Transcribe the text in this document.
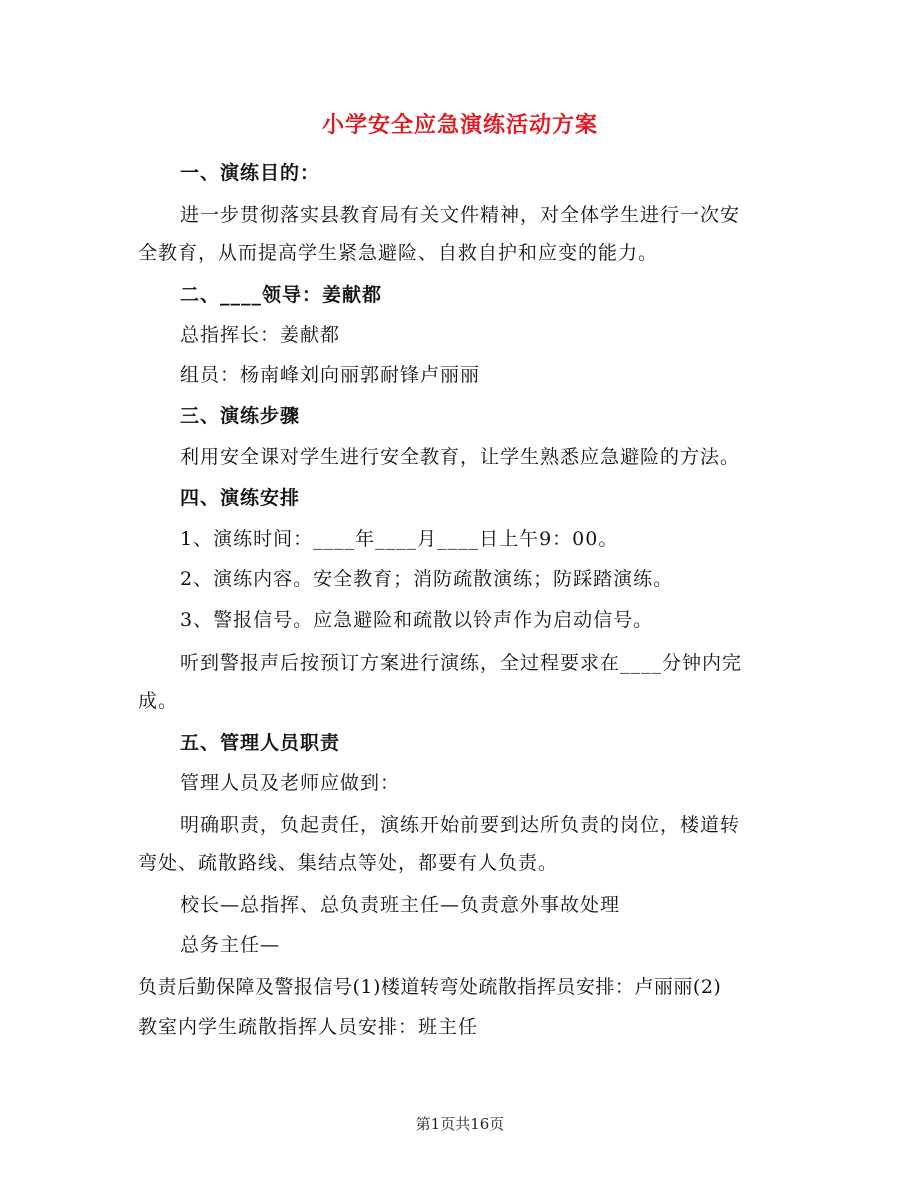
小学安全应急演练活动方案
一、演练目的：
进一步贯彻落实县教育局有关文件精神，对全体学生进行一次安
全教育，从而提高学生紧急避险、自救自护和应变的能力。
二、____领导：姜献都
总指挥长：姜献都
组员：杨南峰刘向丽郭耐锋卢丽丽
三、演练步骤
利用安全课对学生进行安全教育，让学生熟悉应急避险的方法。
四、演练安排
1、演练时间：____年____月____日上午9：00。
2、演练内容。安全教育；消防疏散演练；防踩踏演练。
3、警报信号。应急避险和疏散以铃声作为启动信号。
听到警报声后按预订方案进行演练，全过程要求在____分钟内完
成。
五、管理人员职责
管理人员及老师应做到：
明确职责，负起责任，演练开始前要到达所负责的岗位，楼道转
弯处、疏散路线、集结点等处，都要有人负责。
校长—总指挥、总负责班主任—负责意外事故处理
总务主任—
负责后勤保障及警报信号(1)楼道转弯处疏散指挥员安排：卢丽丽(2)
教室内学生疏散指挥人员安排：班主任
第1页共16页
